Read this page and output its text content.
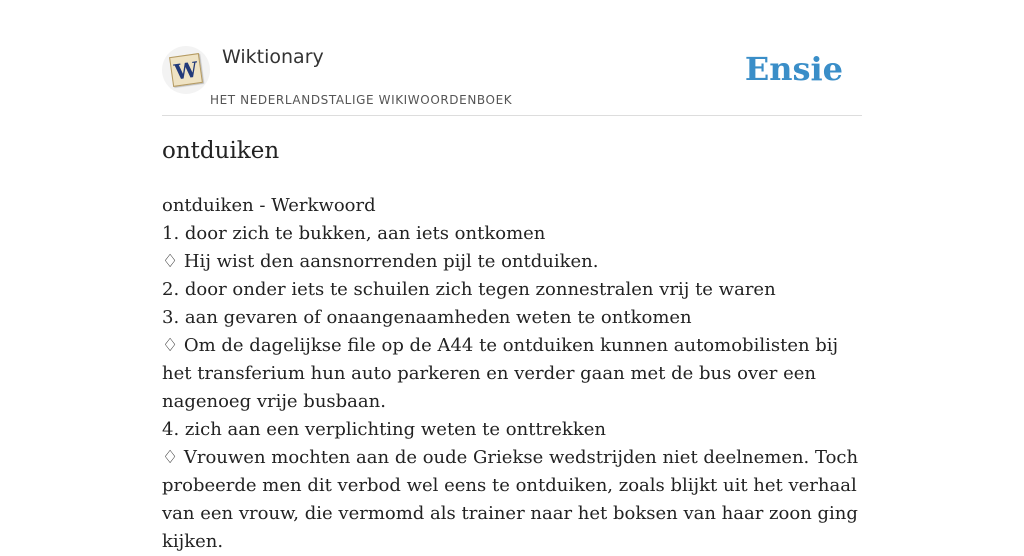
W Wiktionary
HET NEDERLANDSTALIGE WIKIWOORDENBOEK
Ensie
ontduiken
ontduiken - Werkwoord
1. door zich te bukken, aan iets ontkomen
♢ Hij wist den aansnorrenden pijl te ontduiken.
2. door onder iets te schuilen zich tegen zonnestralen vrij te waren
3. aan gevaren of onaangenaamheden weten te ontkomen
♢ Om de dagelijkse file op de A44 te ontduiken kunnen automobilisten bij het transferium hun auto parkeren en verder gaan met de bus over een nagenoeg vrije busbaan.
4. zich aan een verplichting weten te onttrekken
♢ Vrouwen mochten aan de oude Griekse wedstrijden niet deelnemen. Toch probeerde men dit verbod wel eens te ontduiken, zoals blijkt uit het verhaal van een vrouw, die vermomd als trainer naar het boksen van haar zoon ging kijken.
